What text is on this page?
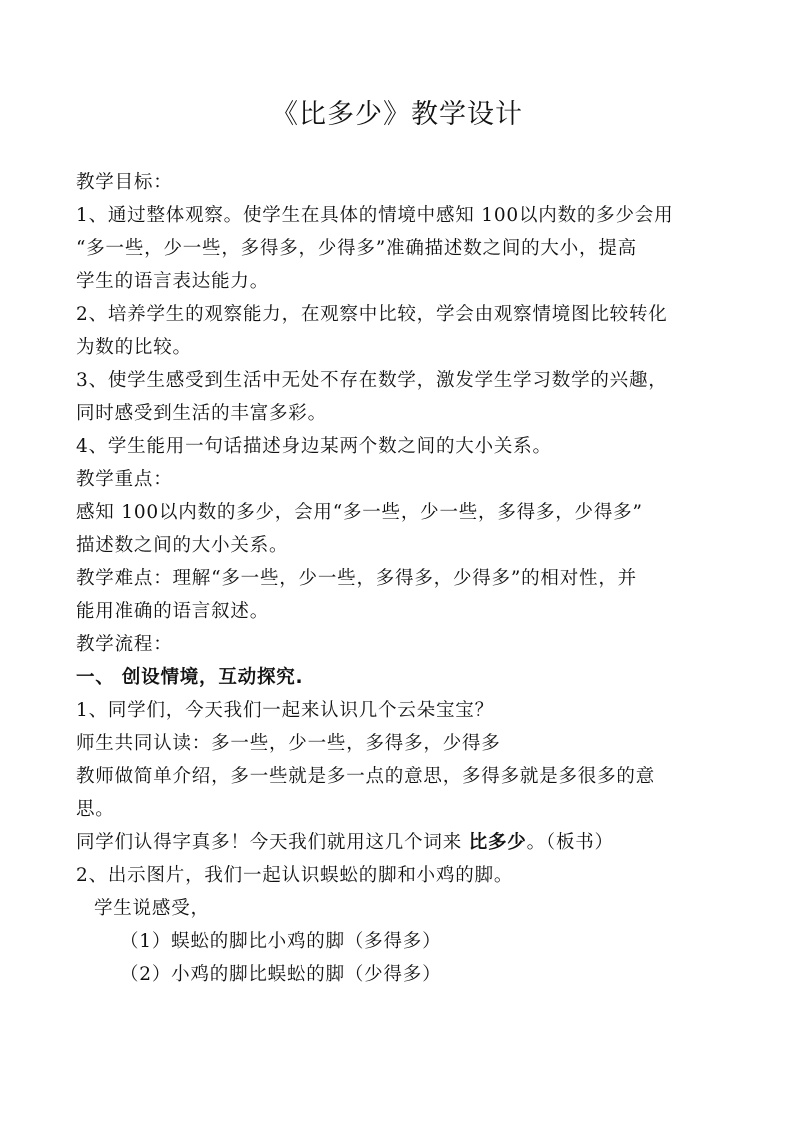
《比多少》教学设计
教学目标：
1、通过整体观察。使学生在具体的情境中感知 100以内数的多少会用
“多一些，少一些，多得多，少得多”准确描述数之间的大小，提高
学生的语言表达能力。
2、培养学生的观察能力，在观察中比较，学会由观察情境图比较转化
为数的比较。
3、使学生感受到生活中无处不存在数学，激发学生学习数学的兴趣，
同时感受到生活的丰富多彩。
4、学生能用一句话描述身边某两个数之间的大小关系。
教学重点：
感知 100以内数的多少，会用“多一些，少一些，多得多，少得多”
描述数之间的大小关系。
教学难点：理解“多一些，少一些，多得多，少得多”的相对性，并
能用准确的语言叙述。
教学流程：
一、 创设情境，互动探究.
1、同学们，今天我们一起来认识几个云朵宝宝？
师生共同认读：多一些，少一些，多得多，少得多
教师做简单介绍，多一些就是多一点的意思，多得多就是多很多的意
思。
同学们认得字真多！今天我们就用这几个词来 比多少。（板书）
2、出示图片，我们一起认识蜈蚣的脚和小鸡的脚。
学生说感受，
（1）蜈蚣的脚比小鸡的脚（多得多）
（2）小鸡的脚比蜈蚣的脚（少得多）
